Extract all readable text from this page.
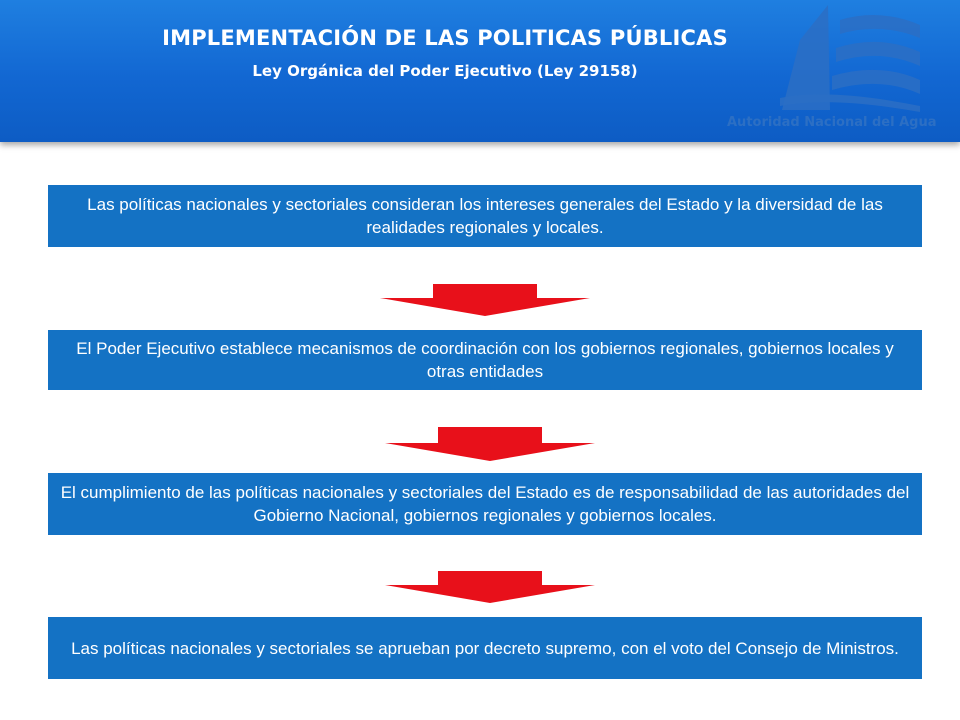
IMPLEMENTACIÓN DE LAS POLITICAS PÚBLICAS
Ley Orgánica del Poder Ejecutivo (Ley 29158)
Autoridad Nacional del Agua
Las políticas nacionales y sectoriales consideran los intereses generales del Estado y la diversidad de las realidades regionales y locales.
El Poder Ejecutivo establece mecanismos de coordinación con los gobiernos regionales, gobiernos locales y otras entidades
El cumplimiento de las políticas nacionales y sectoriales del Estado es de responsabilidad de las autoridades del Gobierno Nacional, gobiernos regionales y gobiernos locales.
Las políticas nacionales y sectoriales se aprueban por decreto supremo, con el voto del Consejo de Ministros.
